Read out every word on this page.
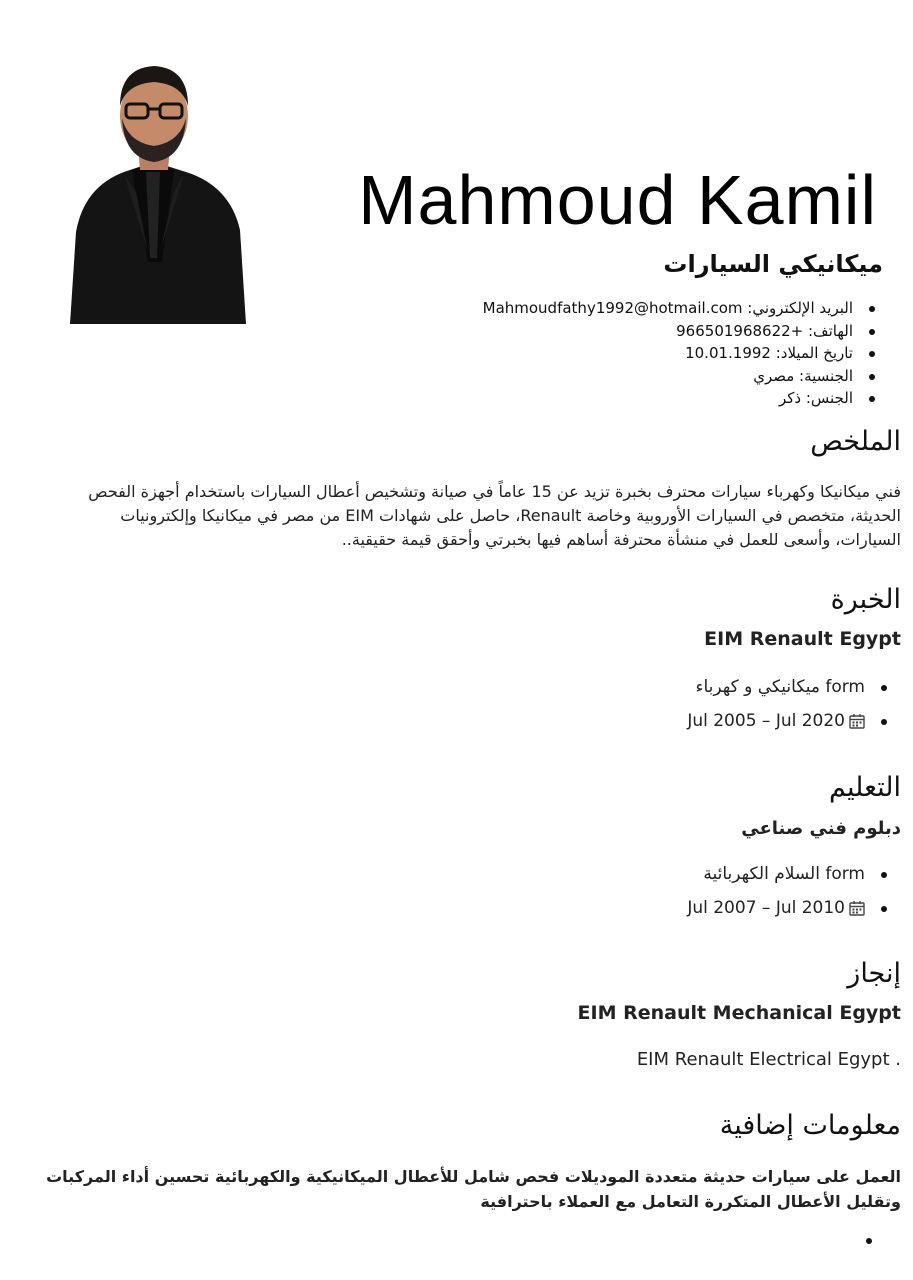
Mahmoud Kamil
ميكانيكي السيارات
البريد الإلكتروني: Mahmoudfathy1992@hotmail.com
الهاتف: +966501968622
تاريخ الميلاد: 10.01.1992
الجنسية: مصري
الجنس: ذكر
الملخص
فني ميكانيكا وكهرباء سيارات محترف بخبرة تزيد عن 15 عاماً في صيانة وتشخيص أعطال السيارات باستخدام أجهزة الفحص الحديثة، متخصص في السيارات الأوروبية وخاصة Renault، حاصل على شهادات EIM من مصر في ميكانيكا وإلكترونيات السيارات، وأسعى للعمل في منشأة محترفة أساهم فيها بخبرتي وأحقق قيمة حقيقية..
الخبرة
EIM Renault Egypt
form ميكانيكي و كهرباء
Jul 2005 – Jul 2020
التعليم
دبلوم فني صناعي
form السلام الكهربائية
Jul 2007 – Jul 2010
إنجاز
EIM Renault Mechanical Egypt
. EIM Renault Electrical Egypt
معلومات إضافية
العمل على سيارات حديثة متعددة الموديلات فحص شامل للأعطال الميكانيكية والكهربائية تحسين أداء المركبات وتقليل الأعطال المتكررة التعامل مع العملاء باحترافية
